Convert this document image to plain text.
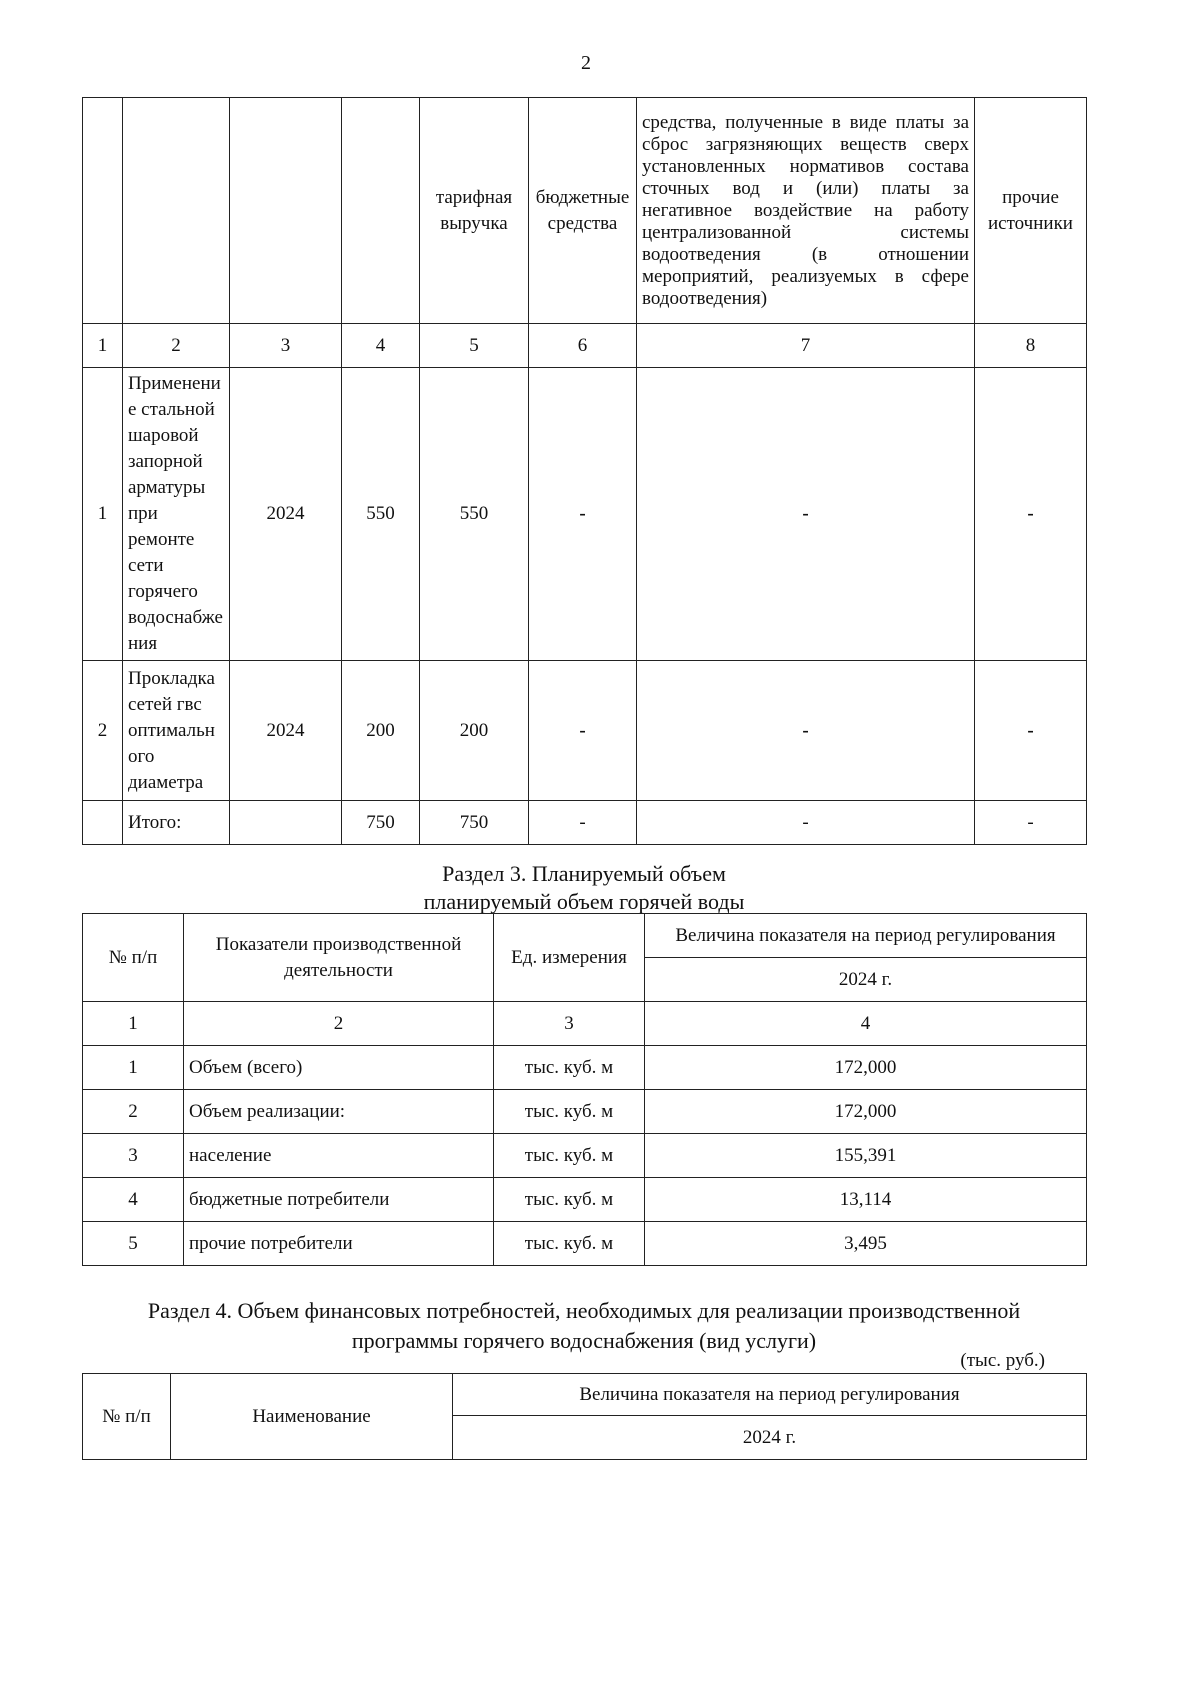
2
				тарифная выручка	бюджетные средства	средства, полученные в виде платы за сброс загрязняющих веществ сверх установленных нормативов состава сточных вод и (или) платы за негативное воздействие на работу централизованной системы водоотведения (в отношении мероприятий, реализуемых в сфере водоотведения)	прочие источники
1	2	3	4	5	6	7	8
1	Применени е стальной шаровой запорной арматуры при ремонте сети горячего водоснабже ния	2024	550	550	-	-	-
2	Прокладка сетей гвс оптимальн ого диаметра	2024	200	200	-	-	-
	Итого:		750	750	-	-	-
Раздел 3. Планируемый объем
планируемый объем горячей воды
№ п/п	Показатели производственной деятельности	Ед. измерения	Величина показателя на период регулирования
			2024 г.
1	2	3	4
1	Объем (всего)	тыс. куб. м	172,000
2	Объем реализации:	тыс. куб. м	172,000
3	население	тыс. куб. м	155,391
4	бюджетные потребители	тыс. куб. м	13,114
5	прочие потребители	тыс. куб. м	3,495
Раздел 4. Объем финансовых потребностей, необходимых для реализации производственной
программы горячего водоснабжения (вид услуги)
(тыс. руб.)
№ п/п	Наименование	Величина показателя на период регулирования
2024 г.
